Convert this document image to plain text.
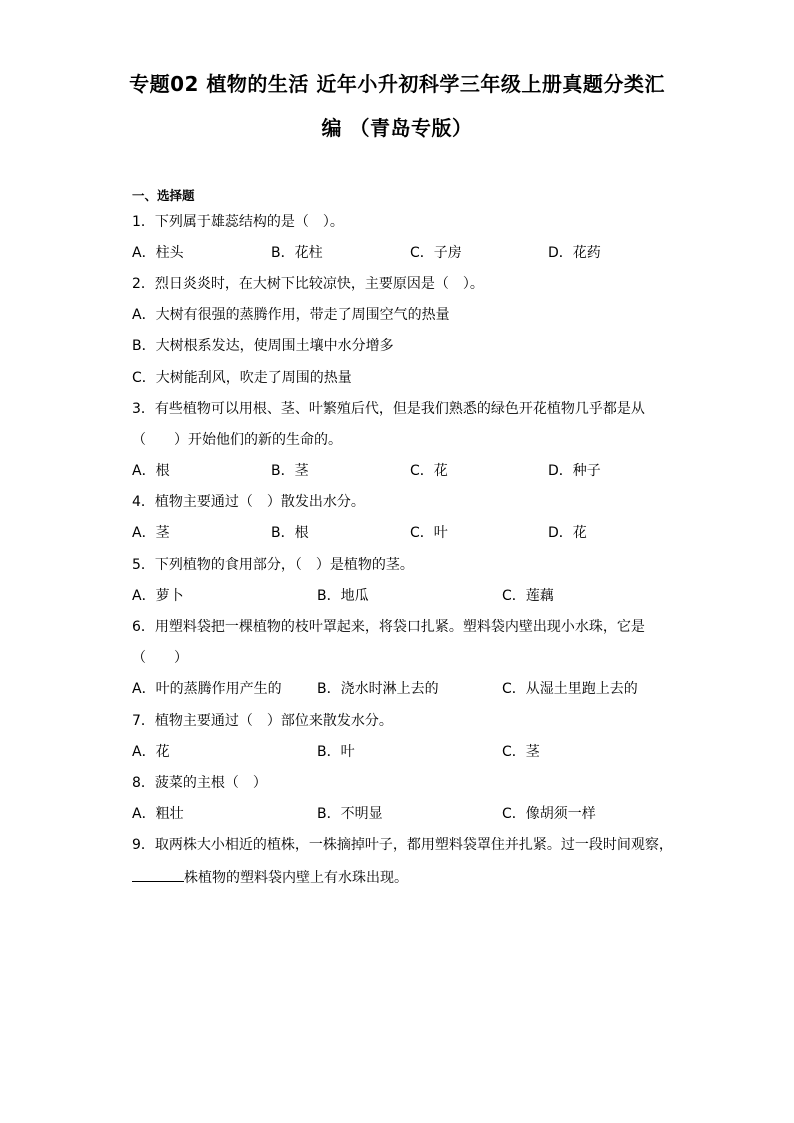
专题02 植物的生活 近年小升初科学三年级上册真题分类汇
编 （青岛专版）
一、选择题
1．下列属于雄蕊结构的是（　）。
A．柱头	B．花柱	C．子房	D．花药
2．烈日炎炎时，在大树下比较凉快，主要原因是（　）。
A．大树有很强的蒸腾作用，带走了周围空气的热量
B．大树根系发达，使周围土壤中水分增多
C．大树能刮风，吹走了周围的热量
3．有些植物可以用根、茎、叶繁殖后代，但是我们熟悉的绿色开花植物几乎都是从
（　　）开始他们的新的生命的。
A．根	B．茎	C．花	D．种子
4．植物主要通过（　）散发出水分。
A．茎	B．根	C．叶	D．花
5．下列植物的食用部分，（　）是植物的茎。
A．萝卜	B．地瓜	C．莲藕
6．用塑料袋把一棵植物的枝叶罩起来，将袋口扎紧。塑料袋内壁出现小水珠，它是
（　　）
A．叶的蒸腾作用产生的	B．浇水时淋上去的	C．从湿土里跑上去的
7．植物主要通过（　）部位来散发水分。
A．花	B．叶	C．茎
8．菠菜的主根（　）
A．粗壮	B．不明显	C．像胡须一样
9．取两株大小相近的植株，一株摘掉叶子，都用塑料袋罩住并扎紧。过一段时间观察，
株植物的塑料袋内壁上有水珠出现。
